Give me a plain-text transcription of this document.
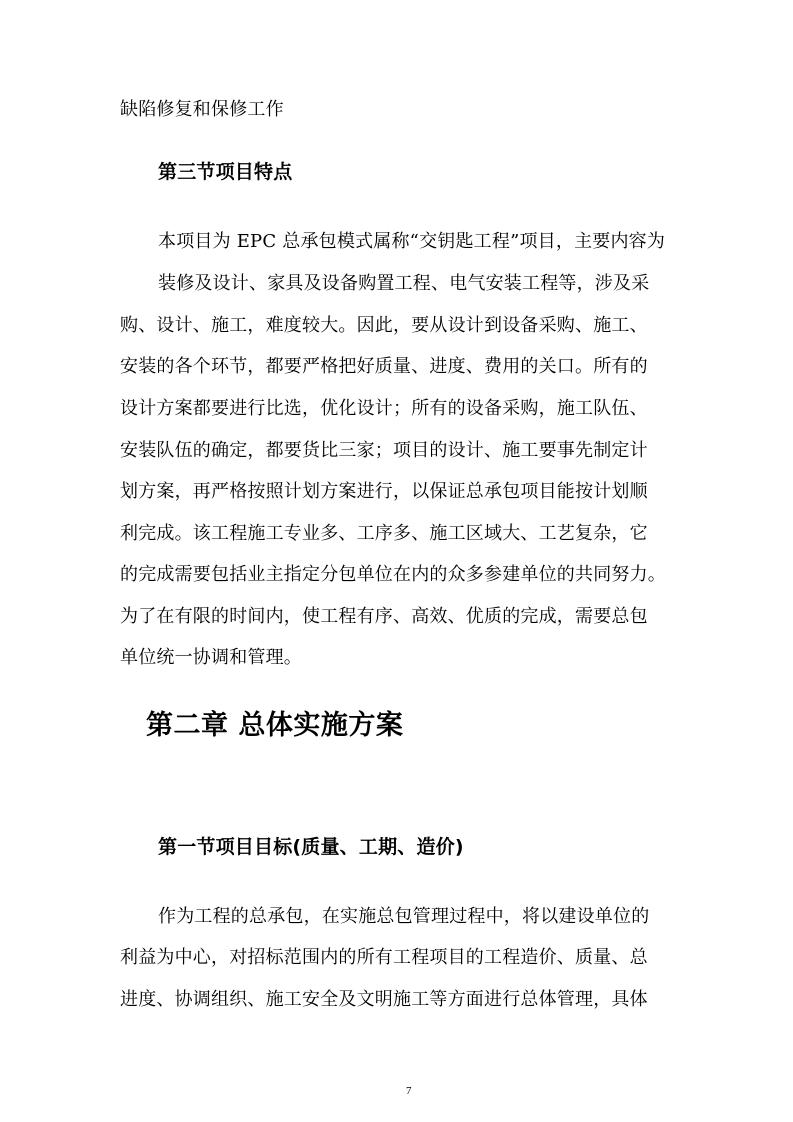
缺陷修复和保修工作
第三节项目特点
本项目为 EPC 总承包模式属称“交钥匙工程”项目，主要内容为
装修及设计、家具及设备购置工程、电气安装工程等，涉及采
购、设计、施工，难度较大。因此，要从设计到设备采购、施工、
安装的各个环节，都要严格把好质量、进度、费用的关口。所有的
设计方案都要进行比选，优化设计；所有的设备采购，施工队伍、
安装队伍的确定，都要货比三家；项目的设计、施工要事先制定计
划方案，再严格按照计划方案进行，以保证总承包项目能按计划顺
利完成。该工程施工专业多、工序多、施工区域大、工艺复杂，它
的完成需要包括业主指定分包单位在内的众多参建单位的共同努力。
为了在有限的时间内，使工程有序、高效、优质的完成，需要总包
单位统一协调和管理。
第二章 总体实施方案
第一节项目目标(质量、工期、造价)
作为工程的总承包，在实施总包管理过程中，将以建设单位的
利益为中心，对招标范围内的所有工程项目的工程造价、质量、总
进度、协调组织、施工安全及文明施工等方面进行总体管理，具体
7
